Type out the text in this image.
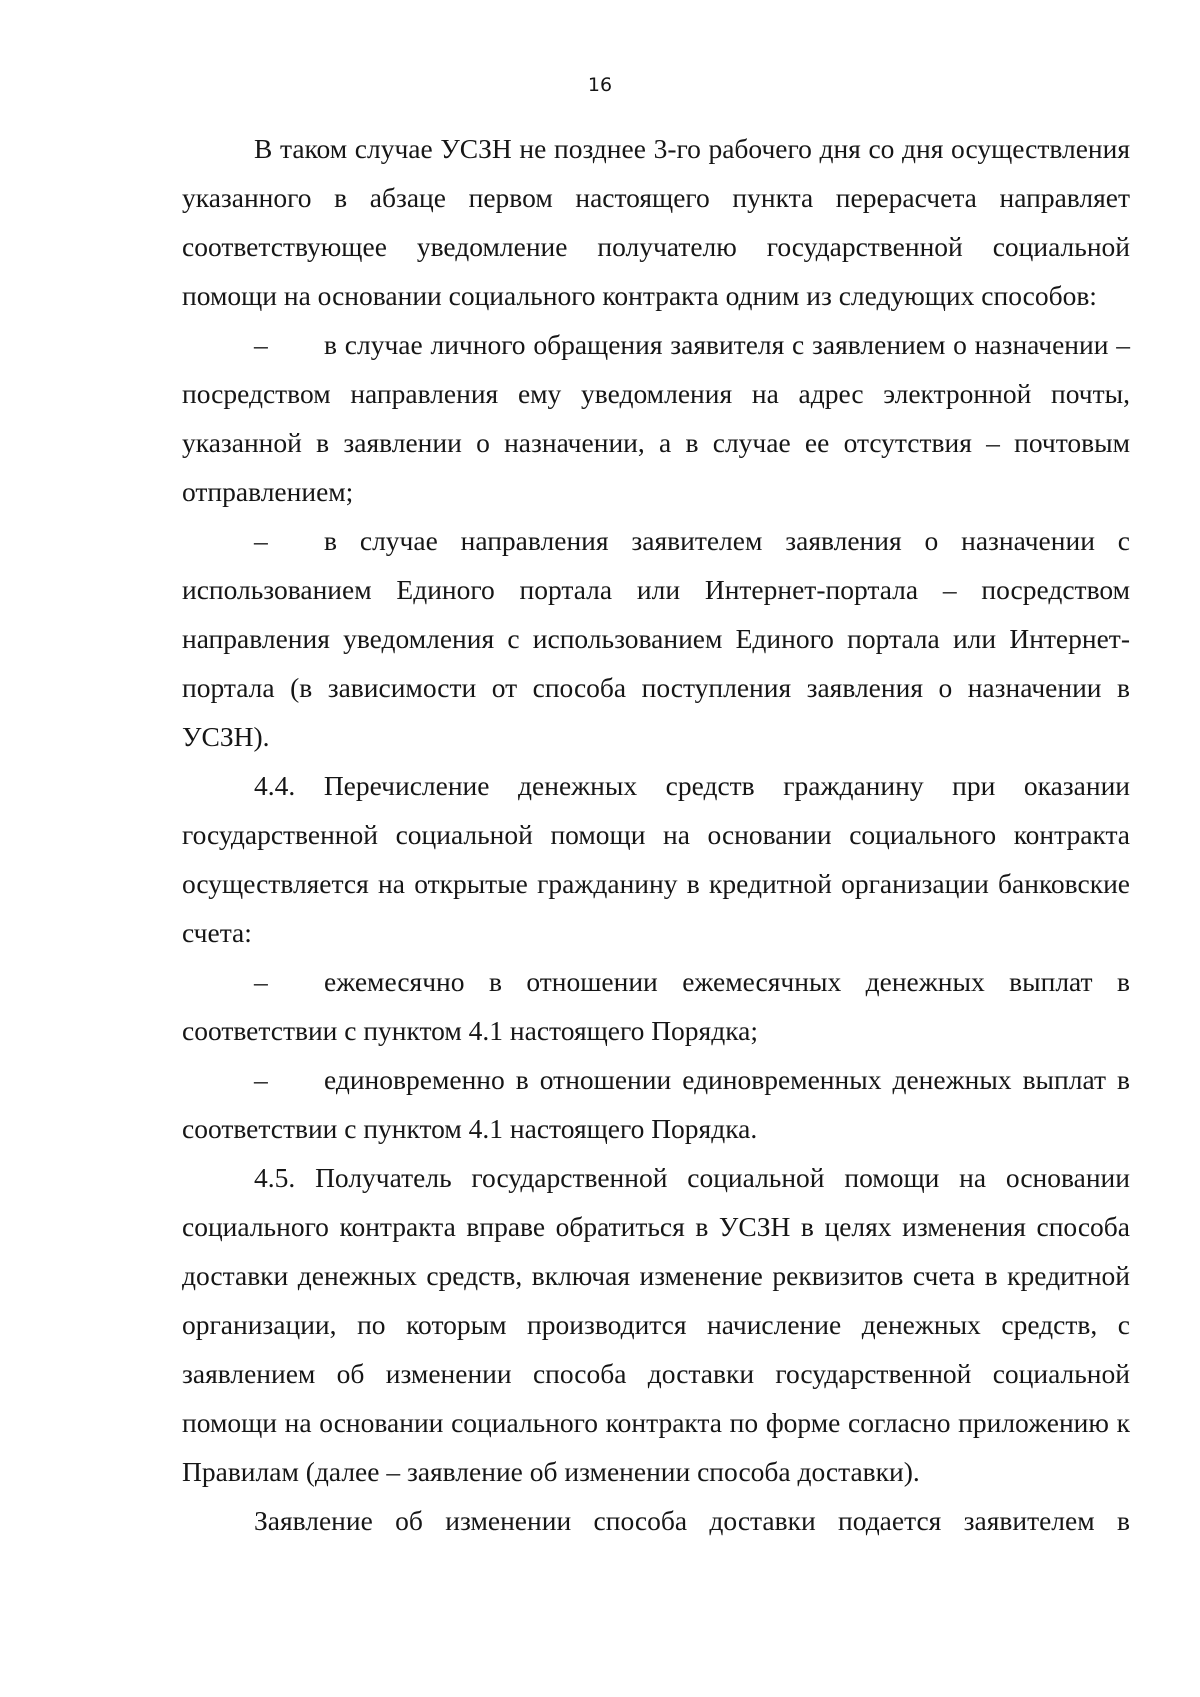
16

В таком случае УСЗН не позднее 3-го рабочего дня со дня осуществления указанного в абзаце первом настоящего пункта перерасчета направляет соответствующее уведомление получателю государственной социальной помощи на основании социального контракта одним из следующих способов:

– в случае личного обращения заявителя с заявлением о назначении – посредством направления ему уведомления на адрес электронной почты, указанной в заявлении о назначении, а в случае ее отсутствия – почтовым отправлением;

– в случае направления заявителем заявления о назначении с использованием Единого портала или Интернет-портала – посредством направления уведомления с использованием Единого портала или Интернет-портала (в зависимости от способа поступления заявления о назначении в УСЗН).

4.4. Перечисление денежных средств гражданину при оказании государственной социальной помощи на основании социального контракта осуществляется на открытые гражданину в кредитной организации банковские счета:

– ежемесячно в отношении ежемесячных денежных выплат в соответствии с пунктом 4.1 настоящего Порядка;

– единовременно в отношении единовременных денежных выплат в соответствии с пунктом 4.1 настоящего Порядка.

4.5. Получатель государственной социальной помощи на основании социального контракта вправе обратиться в УСЗН в целях изменения способа доставки денежных средств, включая изменение реквизитов счета в кредитной организации, по которым производится начисление денежных средств, с заявлением об изменении способа доставки государственной социальной помощи на основании социального контракта по форме согласно приложению к Правилам (далее – заявление об изменении способа доставки).

Заявление об изменении способа доставки подается заявителем в
